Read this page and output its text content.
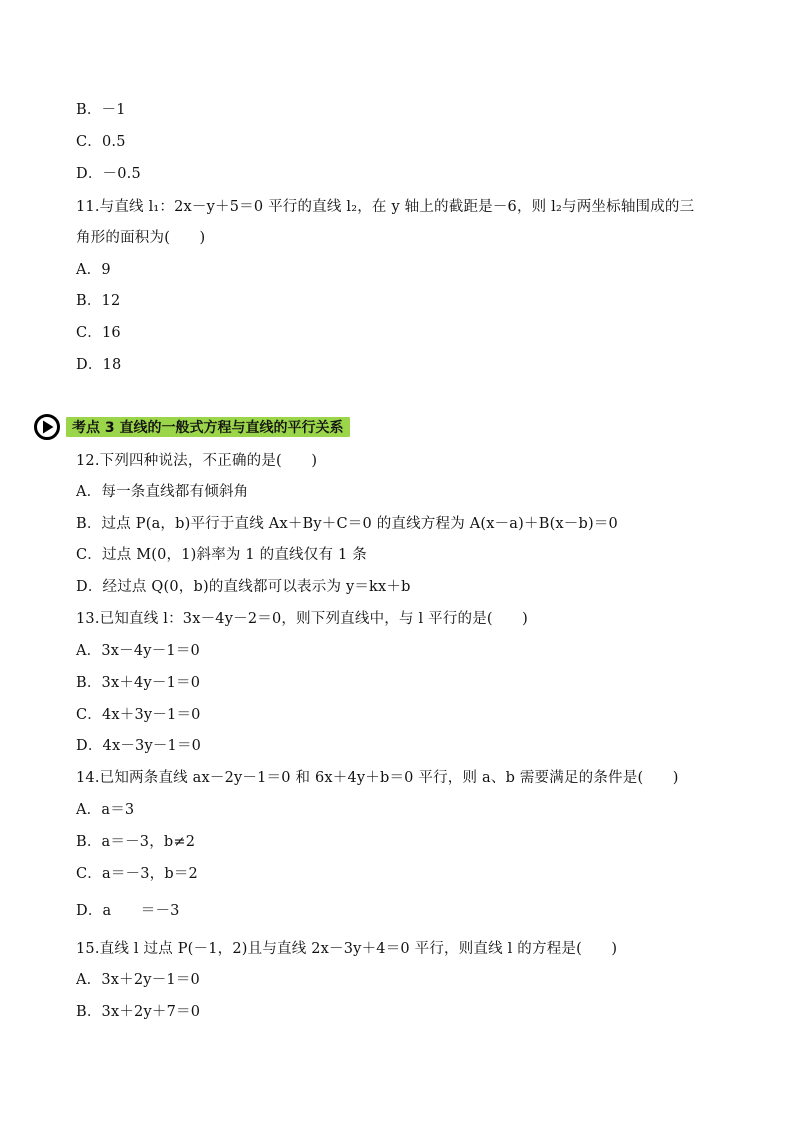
B．－1
C．0.5
D．－0.5
11.与直线 l₁：2x－y＋5＝0 平行的直线 l₂，在 y 轴上的截距是－6，则 l₂与两坐标轴围成的三
角形的面积为(　　)
A．9
B．12
C．16
D．18
考点 3 直线的一般式方程与直线的平行关系
12.下列四种说法，不正确的是(　　)
A．每一条直线都有倾斜角
B．过点 P(a，b)平行于直线 Ax＋By＋C＝0 的直线方程为 A(x－a)＋B(x－b)＝0
C．过点 M(0，1)斜率为 1 的直线仅有 1 条
D．经过点 Q(0，b)的直线都可以表示为 y＝kx＋b
13.已知直线 l：3x－4y－2＝0，则下列直线中，与 l 平行的是(　　)
A．3x－4y－1＝0
B．3x＋4y－1＝0
C．4x＋3y－1＝0
D．4x－3y－1＝0
14.已知两条直线 ax－2y－1＝0 和 6x＋4y＋b＝0 平行，则 a、b 需要满足的条件是(　　)
A．a＝3
B．a＝－3，b≠2
C．a＝－3，b＝2
D．a　　＝－3
15.直线 l 过点 P(－1，2)且与直线 2x－3y＋4＝0 平行，则直线 l 的方程是(　　)
A．3x＋2y－1＝0
B．3x＋2y＋7＝0
